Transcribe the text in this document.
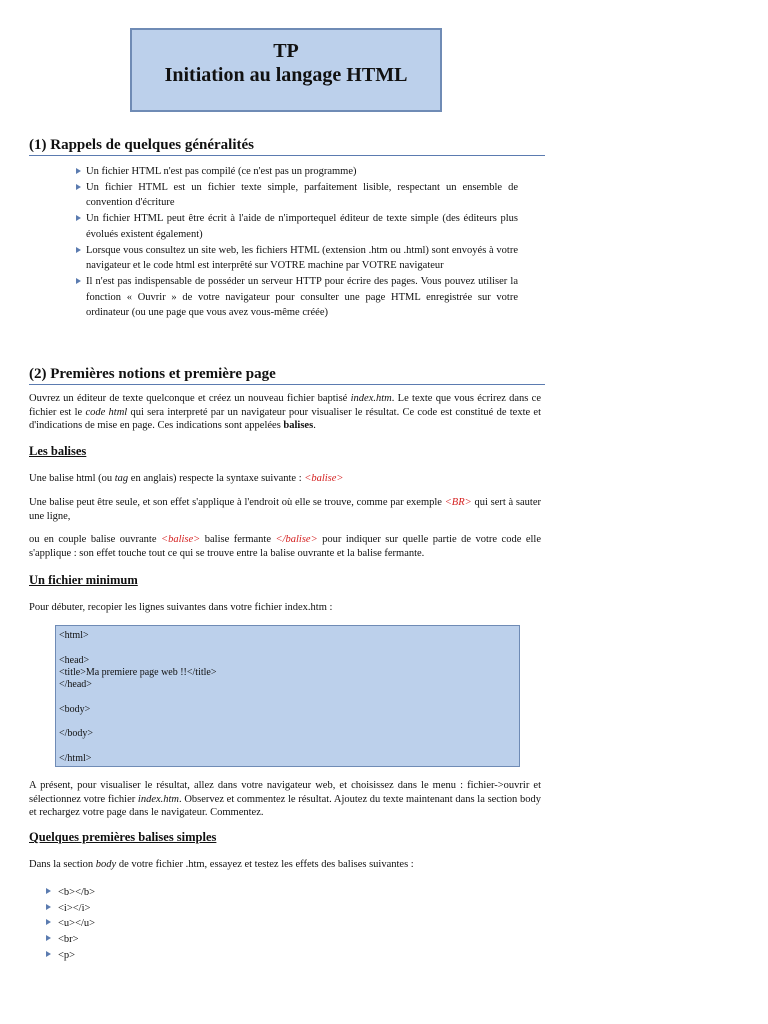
TP
Initiation au langage HTML
(1) Rappels de quelques généralités
Un fichier HTML n'est pas compilé (ce n'est pas un programme)
Un fichier HTML est un fichier texte simple, parfaitement lisible, respectant un ensemble de convention d'écriture
Un fichier HTML peut être écrit à l'aide de n'importequel éditeur de texte simple (des éditeurs plus évolués existent également)
Lorsque vous consultez un site web, les fichiers HTML (extension .htm ou .html) sont envoyés à votre navigateur et le code html est interprêté sur VOTRE machine par VOTRE navigateur
Il n'est pas indispensable de posséder un serveur HTTP pour écrire des pages. Vous pouvez utiliser la fonction « Ouvrir » de votre navigateur pour consulter une page HTML enregistrée sur votre ordinateur (ou une page que vous avez vous-même créée)
(2) Premières notions et première page

Ouvrez un éditeur de texte quelconque et créez un nouveau fichier baptisé index.htm. Le texte que vous écrirez dans ce fichier est le code html qui sera interpreté par un navigateur pour visualiser le résultat. Ce code est constitué de texte et d'indications de mise en page. Ces indications sont appelées balises.

Les balises

Une balise html (ou tag en anglais) respecte la syntaxe suivante : <balise>

Une balise peut être seule, et son effet s'applique à l'endroit où elle se trouve, comme par exemple <BR> qui sert à sauter une ligne,

ou en couple balise ouvrante <balise> balise fermante </balise> pour indiquer sur quelle partie de votre code elle s'applique : son effet touche tout ce qui se trouve entre la balise ouvrante et la balise fermante.

Un fichier minimum

Pour débuter, recopier les lignes suivantes dans votre fichier index.htm :

<html>

<head>
<title>Ma premiere page web !!</title>
</head>

<body>

</body>

</html>

A présent, pour visualiser le résultat, allez dans votre navigateur web, et choisissez dans le menu : fichier->ouvrir et sélectionnez votre fichier index.htm. Observez et commentez le résultat. Ajoutez du texte maintenant dans la section body et rechargez votre page dans le navigateur. Commentez.

Quelques premières balises simples

Dans la section body de votre fichier .htm, essayez et testez les effets des balises suivantes :

<b></b>
<i></i>
<u></u>
<br>
<p>
